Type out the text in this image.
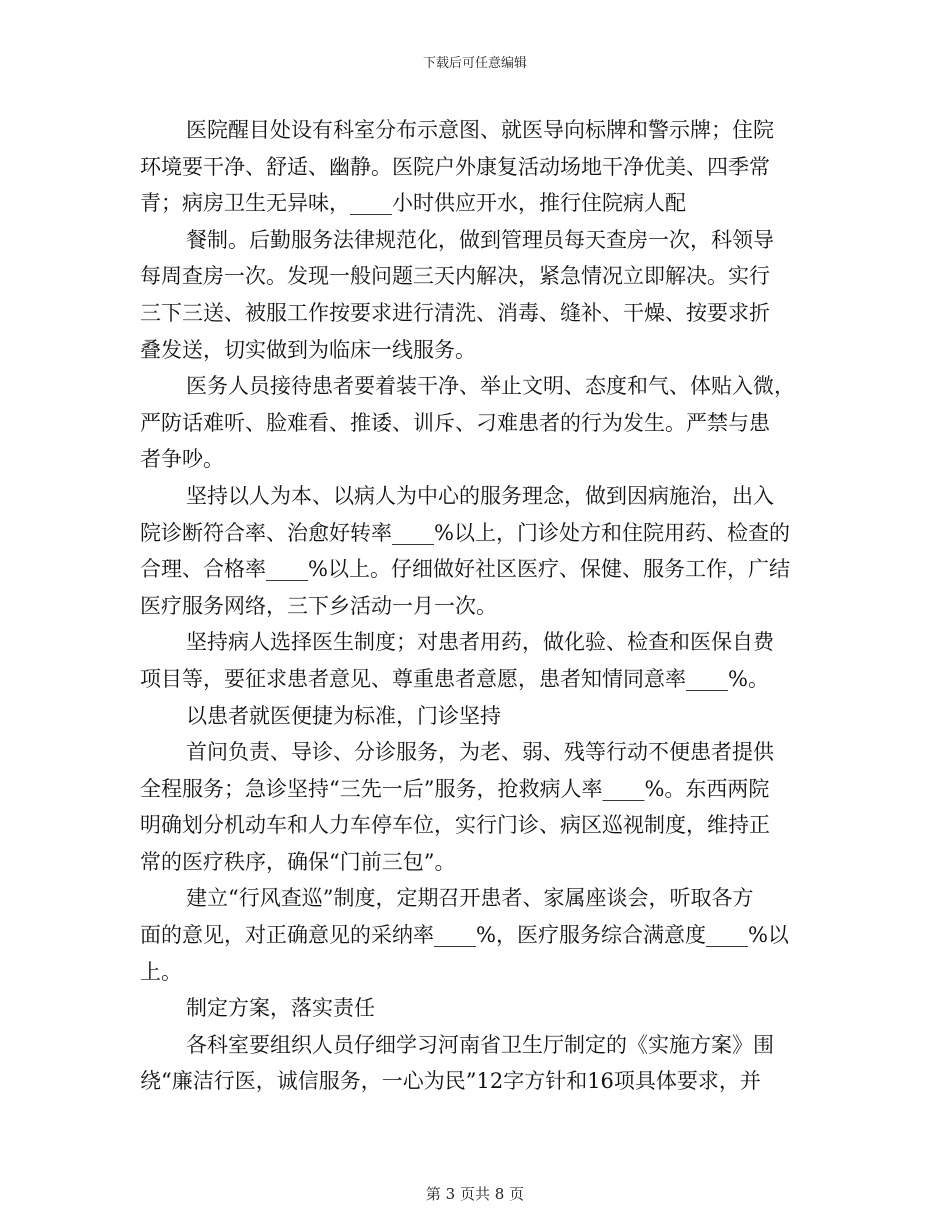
下载后可任意编辑
医院醒目处设有科室分布示意图、就医导向标牌和警示牌；住院
环境要干净、舒适、幽静。医院户外康复活动场地干净优美、四季常
青；病房卫生无异味，____小时供应开水，推行住院病人配
餐制。后勤服务法律规范化，做到管理员每天查房一次，科领导
每周查房一次。发现一般问题三天内解决，紧急情况立即解决。实行
三下三送、被服工作按要求进行清洗、消毒、缝补、干燥、按要求折
叠发送，切实做到为临床一线服务。
医务人员接待患者要着装干净、举止文明、态度和气、体贴入微，
严防话难听、脸难看、推诿、训斥、刁难患者的行为发生。严禁与患
者争吵。
坚持以人为本、以病人为中心的服务理念，做到因病施治，出入
院诊断符合率、治愈好转率____%以上，门诊处方和住院用药、检查的
合理、合格率____%以上。仔细做好社区医疗、保健、服务工作，广结
医疗服务网络，三下乡活动一月一次。
坚持病人选择医生制度；对患者用药，做化验、检查和医保自费
项目等，要征求患者意见、尊重患者意愿，患者知情同意率____%。
以患者就医便捷为标准，门诊坚持
首问负责、导诊、分诊服务，为老、弱、残等行动不便患者提供
全程服务；急诊坚持“三先一后”服务，抢救病人率____%。东西两院
明确划分机动车和人力车停车位，实行门诊、病区巡视制度，维持正
常的医疗秩序，确保“门前三包”。
建立“行风查巡”制度，定期召开患者、家属座谈会，听取各方
面的意见，对正确意见的采纳率____%，医疗服务综合满意度____%以
上。
制定方案，落实责任
各科室要组织人员仔细学习河南省卫生厅制定的《实施方案》围
绕“廉洁行医，诚信服务，一心为民”12字方针和16项具体要求，并
第 3 页共 8 页
